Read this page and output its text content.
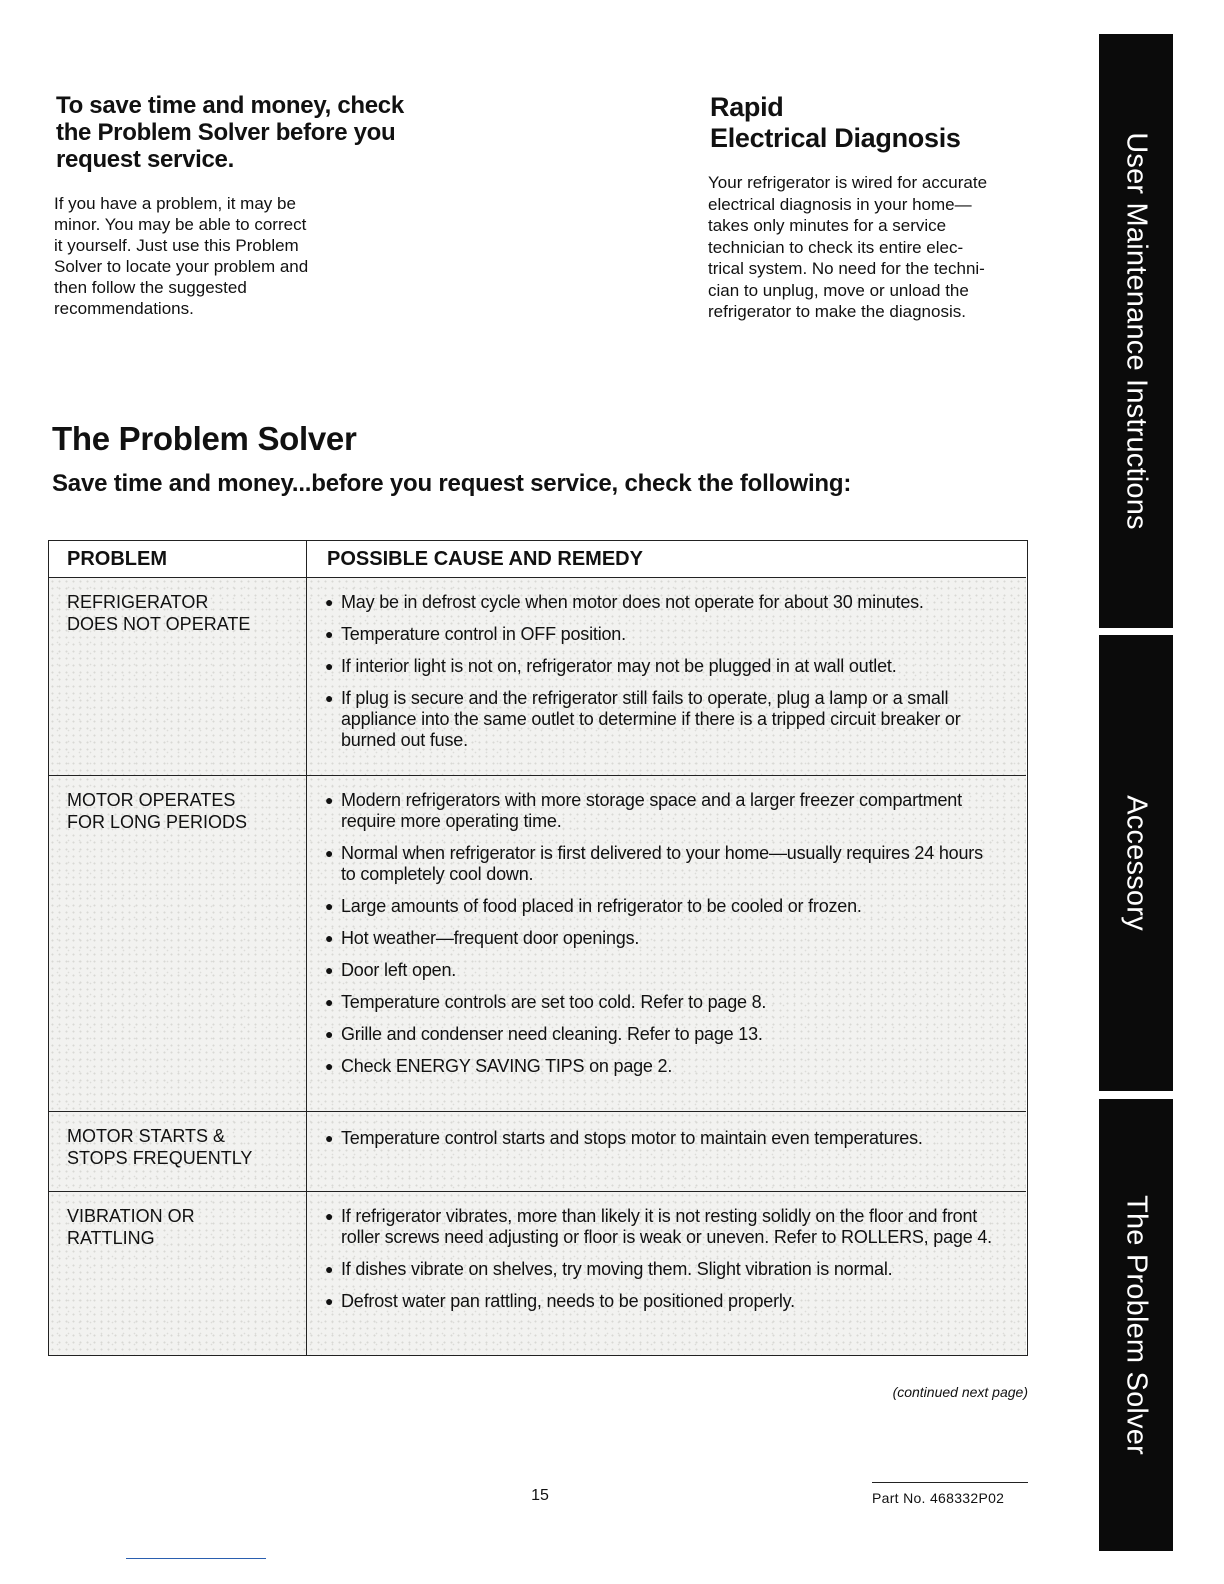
To save time and money, check the Problem Solver before you request service.
If you have a problem, it may be
minor. You may be able to correct
it yourself. Just use this Problem
Solver to locate your problem and
then follow the suggested
recommendations.
Rapid
Electrical Diagnosis
Your refrigerator is wired for accurate
electrical diagnosis in your home—
takes only minutes for a service
technician to check its entire elec-
trical system. No need for the techni-
cian to unplug, move or unload the
refrigerator to make the diagnosis.
The Problem Solver
Save time and money...before you request service, check the following:
PROBLEM	POSSIBLE CAUSE AND REMEDY
REFRIGERATOR
DOES NOT OPERATE
● May be in defrost cycle when motor does not operate for about 30 minutes.
● Temperature control in OFF position.
● If interior light is not on, refrigerator may not be plugged in at wall outlet.
● If plug is secure and the refrigerator still fails to operate, plug a lamp or a small appliance into the same outlet to determine if there is a tripped circuit breaker or burned out fuse.
MOTOR OPERATES
FOR LONG PERIODS
● Modern refrigerators with more storage space and a larger freezer compartment require more operating time.
● Normal when refrigerator is first delivered to your home—usually requires 24 hours to completely cool down.
● Large amounts of food placed in refrigerator to be cooled or frozen.
● Hot weather—frequent door openings.
● Door left open.
● Temperature controls are set too cold. Refer to page 8.
● Grille and condenser need cleaning. Refer to page 13.
● Check ENERGY SAVING TIPS on page 2.
MOTOR STARTS &
STOPS FREQUENTLY
● Temperature control starts and stops motor to maintain even temperatures.
VIBRATION OR
RATTLING
● If refrigerator vibrates, more than likely it is not resting solidly on the floor and front roller screws need adjusting or floor is weak or uneven. Refer to ROLLERS, page 4.
● If dishes vibrate on shelves, try moving them. Slight vibration is normal.
● Defrost water pan rattling, needs to be positioned properly.
(continued next page)
15	Part No. 468332P02
User Maintenance Instructions
Accessory
The Problem Solver
